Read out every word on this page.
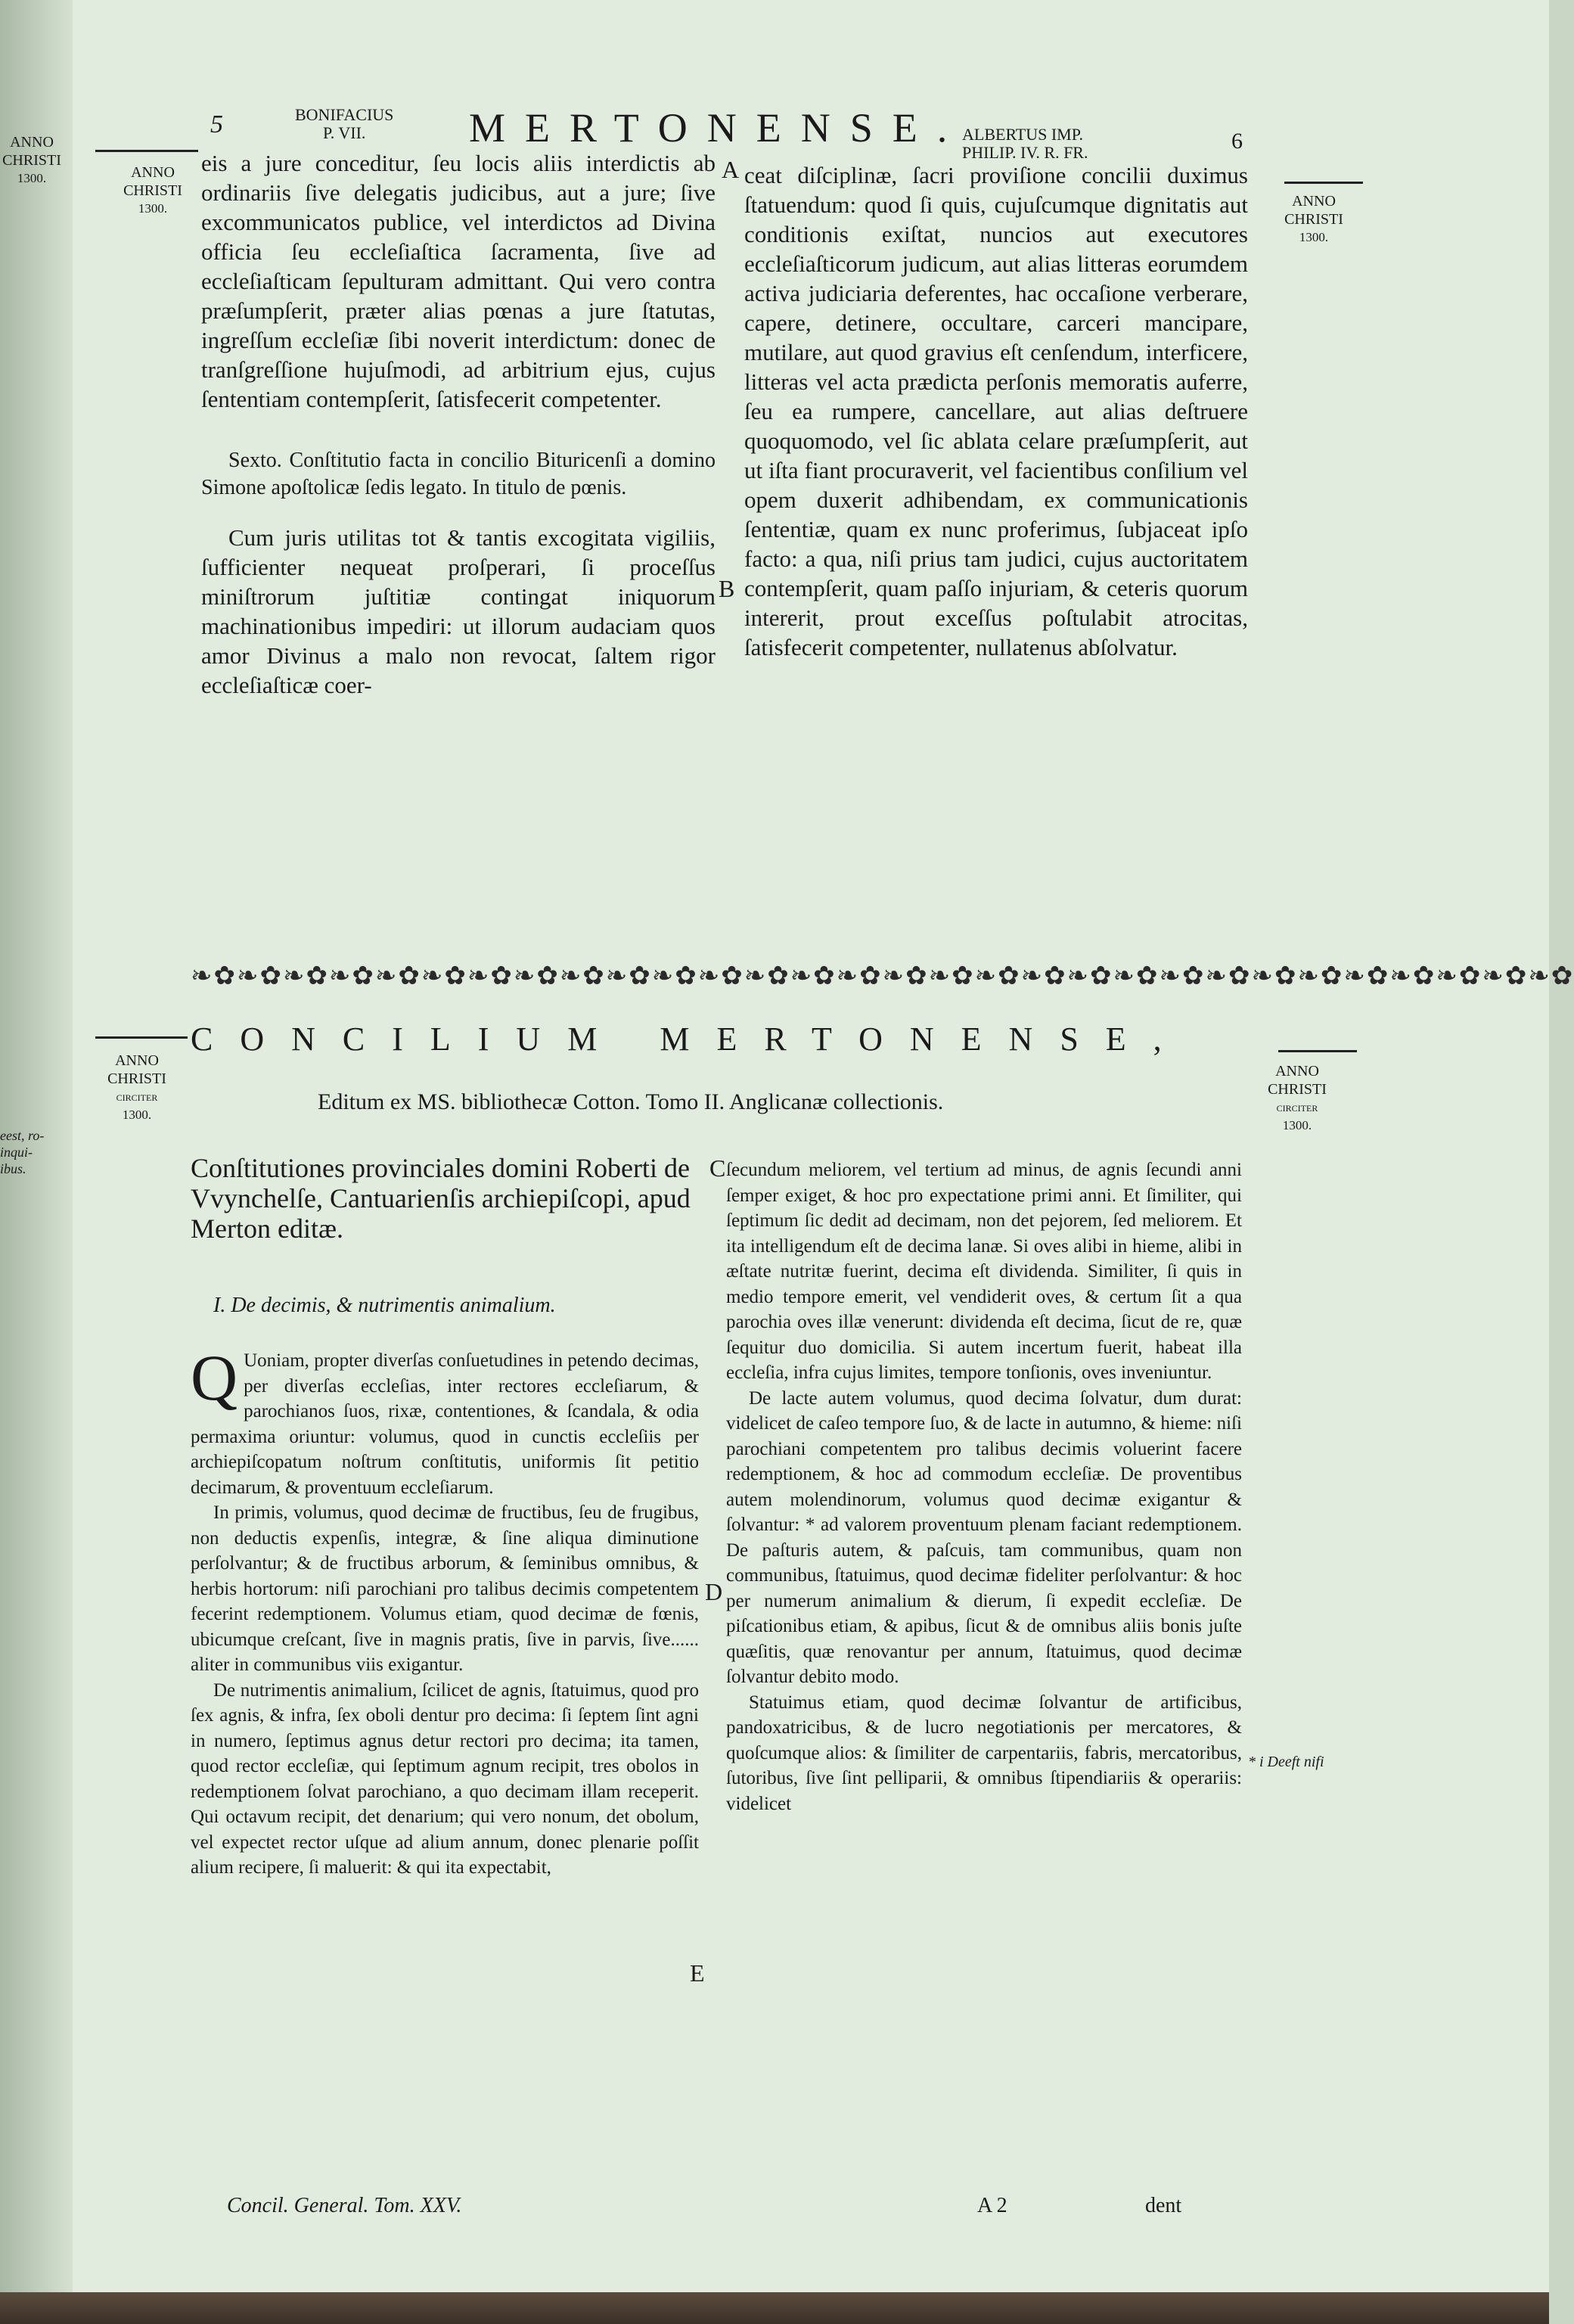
ANNO
CHRISTI
1300.
eest, ro-
inqui-
ibus.
5	BONIFACIUS
P. VII.	MERTONENSE.
ALBERTUS IMP.
PHILIP. IV. R. FR.	6
ANNO
CHRISTI
1300.	ANNO
CHRISTI
1300.

eis a jure conceditur, ſeu locis aliis interdictis ab ordinariis ſive delegatis judicibus, aut a jure; ſive excommunicatos publice, vel interdictos ad Divina officia ſeu eccleſiaſtica ſacramenta, ſive ad eccleſiaſticam ſepulturam admittant. Qui vero contra præſumpſerit, præter alias pœnas a jure ſtatutas, ingreſſum eccleſiæ ſibi noverit interdictum: donec de tranſgreſſione hujuſmodi, ad arbitrium ejus, cujus ſententiam contempſerit, ſatisfecerit competenter.

Sexto. Conſtitutio facta in concilio Bituricenſi a domino Simone apoſtolicæ ſedis legato. In titulo de pœnis.

Cum juris utilitas tot & tantis excogitata vigiliis, ſufficienter nequeat proſperari, ſi proceſſus miniſtrorum juſtitiæ contingat iniquorum machinationibus impediri: ut illorum audaciam quos amor Divinus a malo non revocat, ſaltem rigor eccleſiaſticæ coer-

A
B

ceat diſciplinæ, ſacri proviſione concilii duximus ſtatuendum: quod ſi quis, cujuſcumque dignitatis aut conditionis exiſtat, nuncios aut executores eccleſiaſticorum judicum, aut alias litteras eorumdem activa judiciaria deferentes, hac occaſione verberare, capere, detinere, occultare, carceri mancipare, mutilare, aut quod gravius eſt cenſendum, interficere, litteras vel acta prædicta perſonis memoratis auferre, ſeu ea rumpere, cancellare, aut alias deſtruere quoquomodo, vel ſic ablata celare præſumpſerit, aut ut iſta fiant procuraverit, vel facientibus conſilium vel opem duxerit adhibendam, ex communicationis ſententiæ, quam ex nunc proferimus, ſubjaceat ipſo facto: a qua, niſi prius tam judici, cujus auctoritatem contempſerit, quam paſſo injuriam, & ceteris quorum intererit, prout exceſſus poſtulabit atrocitas, ſatisfecerit competenter, nullatenus abſolvatur.

❧✿❧✿❧✿❧✿❧✿❧✿❧✿❧✿❧✿❧✿❧✿❧✿❧✿❧✿❧✿❧✿❧✿❧✿❧✿❧✿❧✿❧✿❧✿❧✿❧✿❧✿❧✿❧✿❧✿❧✿
CONCILIUM MERTONENSE,
ANNO
CHRISTI
circiter
1300.
ANNO
CHRISTI
circiter
1300.
Editum ex MS. bibliothecæ Cotton. Tomo II. Anglicanæ collectionis.
Conſtitutiones provinciales domini Roberti de Vvynchelſe, Cantuarienſis archiepiſcopi, apud Merton editæ.
I. De decimis, & nutrimentis animalium.

Q Uoniam, propter diverſas conſuetudines in petendo decimas, per diverſas eccleſias, inter rectores eccleſiarum, & parochianos ſuos, rixæ, contentiones, & ſcandala, & odia permaxima oriuntur: volumus, quod in cunctis eccleſiis per archiepiſcopatum noſtrum conſtitutis, uniformis ſit petitio decimarum, & proventuum eccleſiarum.

In primis, volumus, quod decimæ de fructibus, ſeu de frugibus, non deductis expenſis, integræ, & ſine aliqua diminutione perſolvantur; & de fructibus arborum, & ſeminibus omnibus, & herbis hortorum: niſi parochiani pro talibus decimis competentem fecerint redemptionem. Volumus etiam, quod decimæ de fœnis, ubicumque creſcant, ſive in magnis pratis, ſive in parvis, ſive...... aliter in communibus viis exigantur.

De nutrimentis animalium, ſcilicet de agnis, ſtatuimus, quod pro ſex agnis, & infra, ſex oboli dentur pro decima: ſi ſeptem ſint agni in numero, ſeptimus agnus detur rectori pro decima; ita tamen, quod rector eccleſiæ, qui ſeptimum agnum recipit, tres obolos in redemptionem ſolvat parochiano, a quo decimam illam receperit. Qui octavum recipit, det denarium; qui vero nonum, det obolum, vel expectet rector uſque ad alium annum, donec plenarie poſſit alium recipere, ſi maluerit: & qui ita expectabit,

C
D
E

ſecundum meliorem, vel tertium ad minus, de agnis ſecundi anni ſemper exiget, & hoc pro expectatione primi anni. Et ſimiliter, qui ſeptimum ſic dedit ad decimam, non det pejorem, ſed meliorem. Et ita intelligendum eſt de decima lanæ. Si oves alibi in hieme, alibi in æſtate nutritæ fuerint, decima eſt dividenda. Similiter, ſi quis in medio tempore emerit, vel vendiderit oves, & certum ſit a qua parochia oves illæ venerunt: dividenda eſt decima, ſicut de re, quæ ſequitur duo domicilia. Si autem incertum fuerit, habeat illa eccleſia, infra cujus limites, tempore tonſionis, oves inveniuntur.

De lacte autem volumus, quod decima ſolvatur, dum durat: videlicet de caſeo tempore ſuo, & de lacte in autumno, & hieme: niſi parochiani competentem pro talibus decimis voluerint facere redemptionem, & hoc ad commodum eccleſiæ. De proventibus autem molendinorum, volumus quod decimæ exigantur & ſolvantur: * ad valorem proventuum plenam faciant redemptionem. De paſturis autem, & paſcuis, tam communibus, quam non communibus, ſtatuimus, quod decimæ fideliter perſolvantur: & hoc per numerum animalium & dierum, ſi expedit eccleſiæ. De piſcationibus etiam, & apibus, ſicut & de omnibus aliis bonis juſte quæſitis, quæ renovantur per annum, ſtatuimus, quod decimæ ſolvantur debito modo.

Statuimus etiam, quod decimæ ſolvantur de artificibus, pandoxatricibus, & de lucro negotiationis per mercatores, & quoſcumque alios: & ſimiliter de carpentariis, fabris, mercatoribus, ſutoribus, ſive ſint pelliparii, & omnibus ſtipendiariis & operariis: videlicet

* i Deeft nifi
Concil. General. Tom. XXV.	A 2	dent
